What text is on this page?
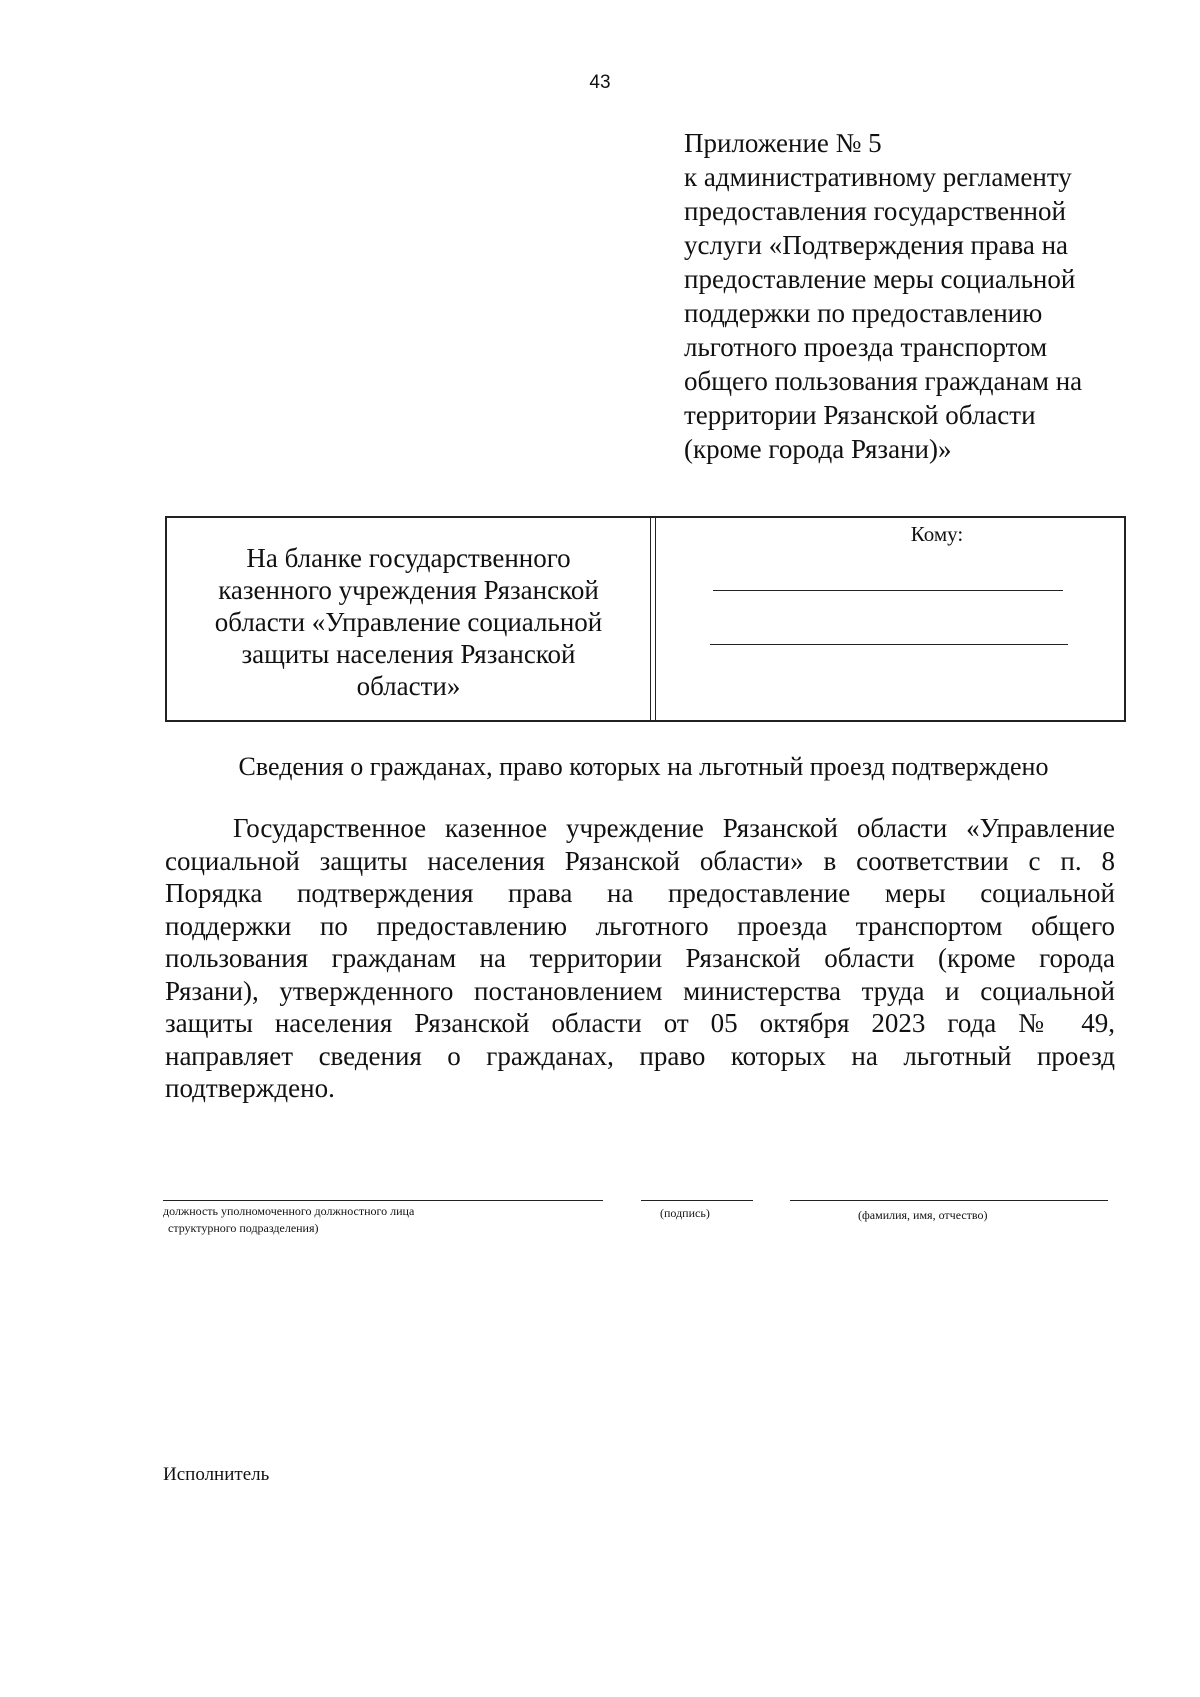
43
Приложение № 5
к административному регламенту
предоставления государственной
услуги «Подтверждения права на
предоставление меры социальной
поддержки по предоставлению
льготного проезда транспортом
общего пользования гражданам на
территории Рязанской области
(кроме города Рязани)»
На бланке государственного
казенного учреждения Рязанской
области «Управление социальной
защиты населения Рязанской
области»
Кому:
Сведения о гражданах, право которых на льготный проезд подтверждено
Государственное казенное учреждение Рязанской области «Управление
социальной защиты населения Рязанской области» в соответствии с п. 8
Порядка подтверждения права на предоставление меры социальной
поддержки по предоставлению льготного проезда транспортом общего
пользования гражданам на территории Рязанской области (кроме города
Рязани), утвержденного постановлением министерства труда и социальной
защиты населения Рязанской области от 05 октября 2023 года № 49,
направляет сведения о гражданах, право которых на льготный проезд
подтверждено.
должность уполномоченного должностного лица
структурного подразделения)
(подпись)	(фамилия, имя, отчество)
Исполнитель
